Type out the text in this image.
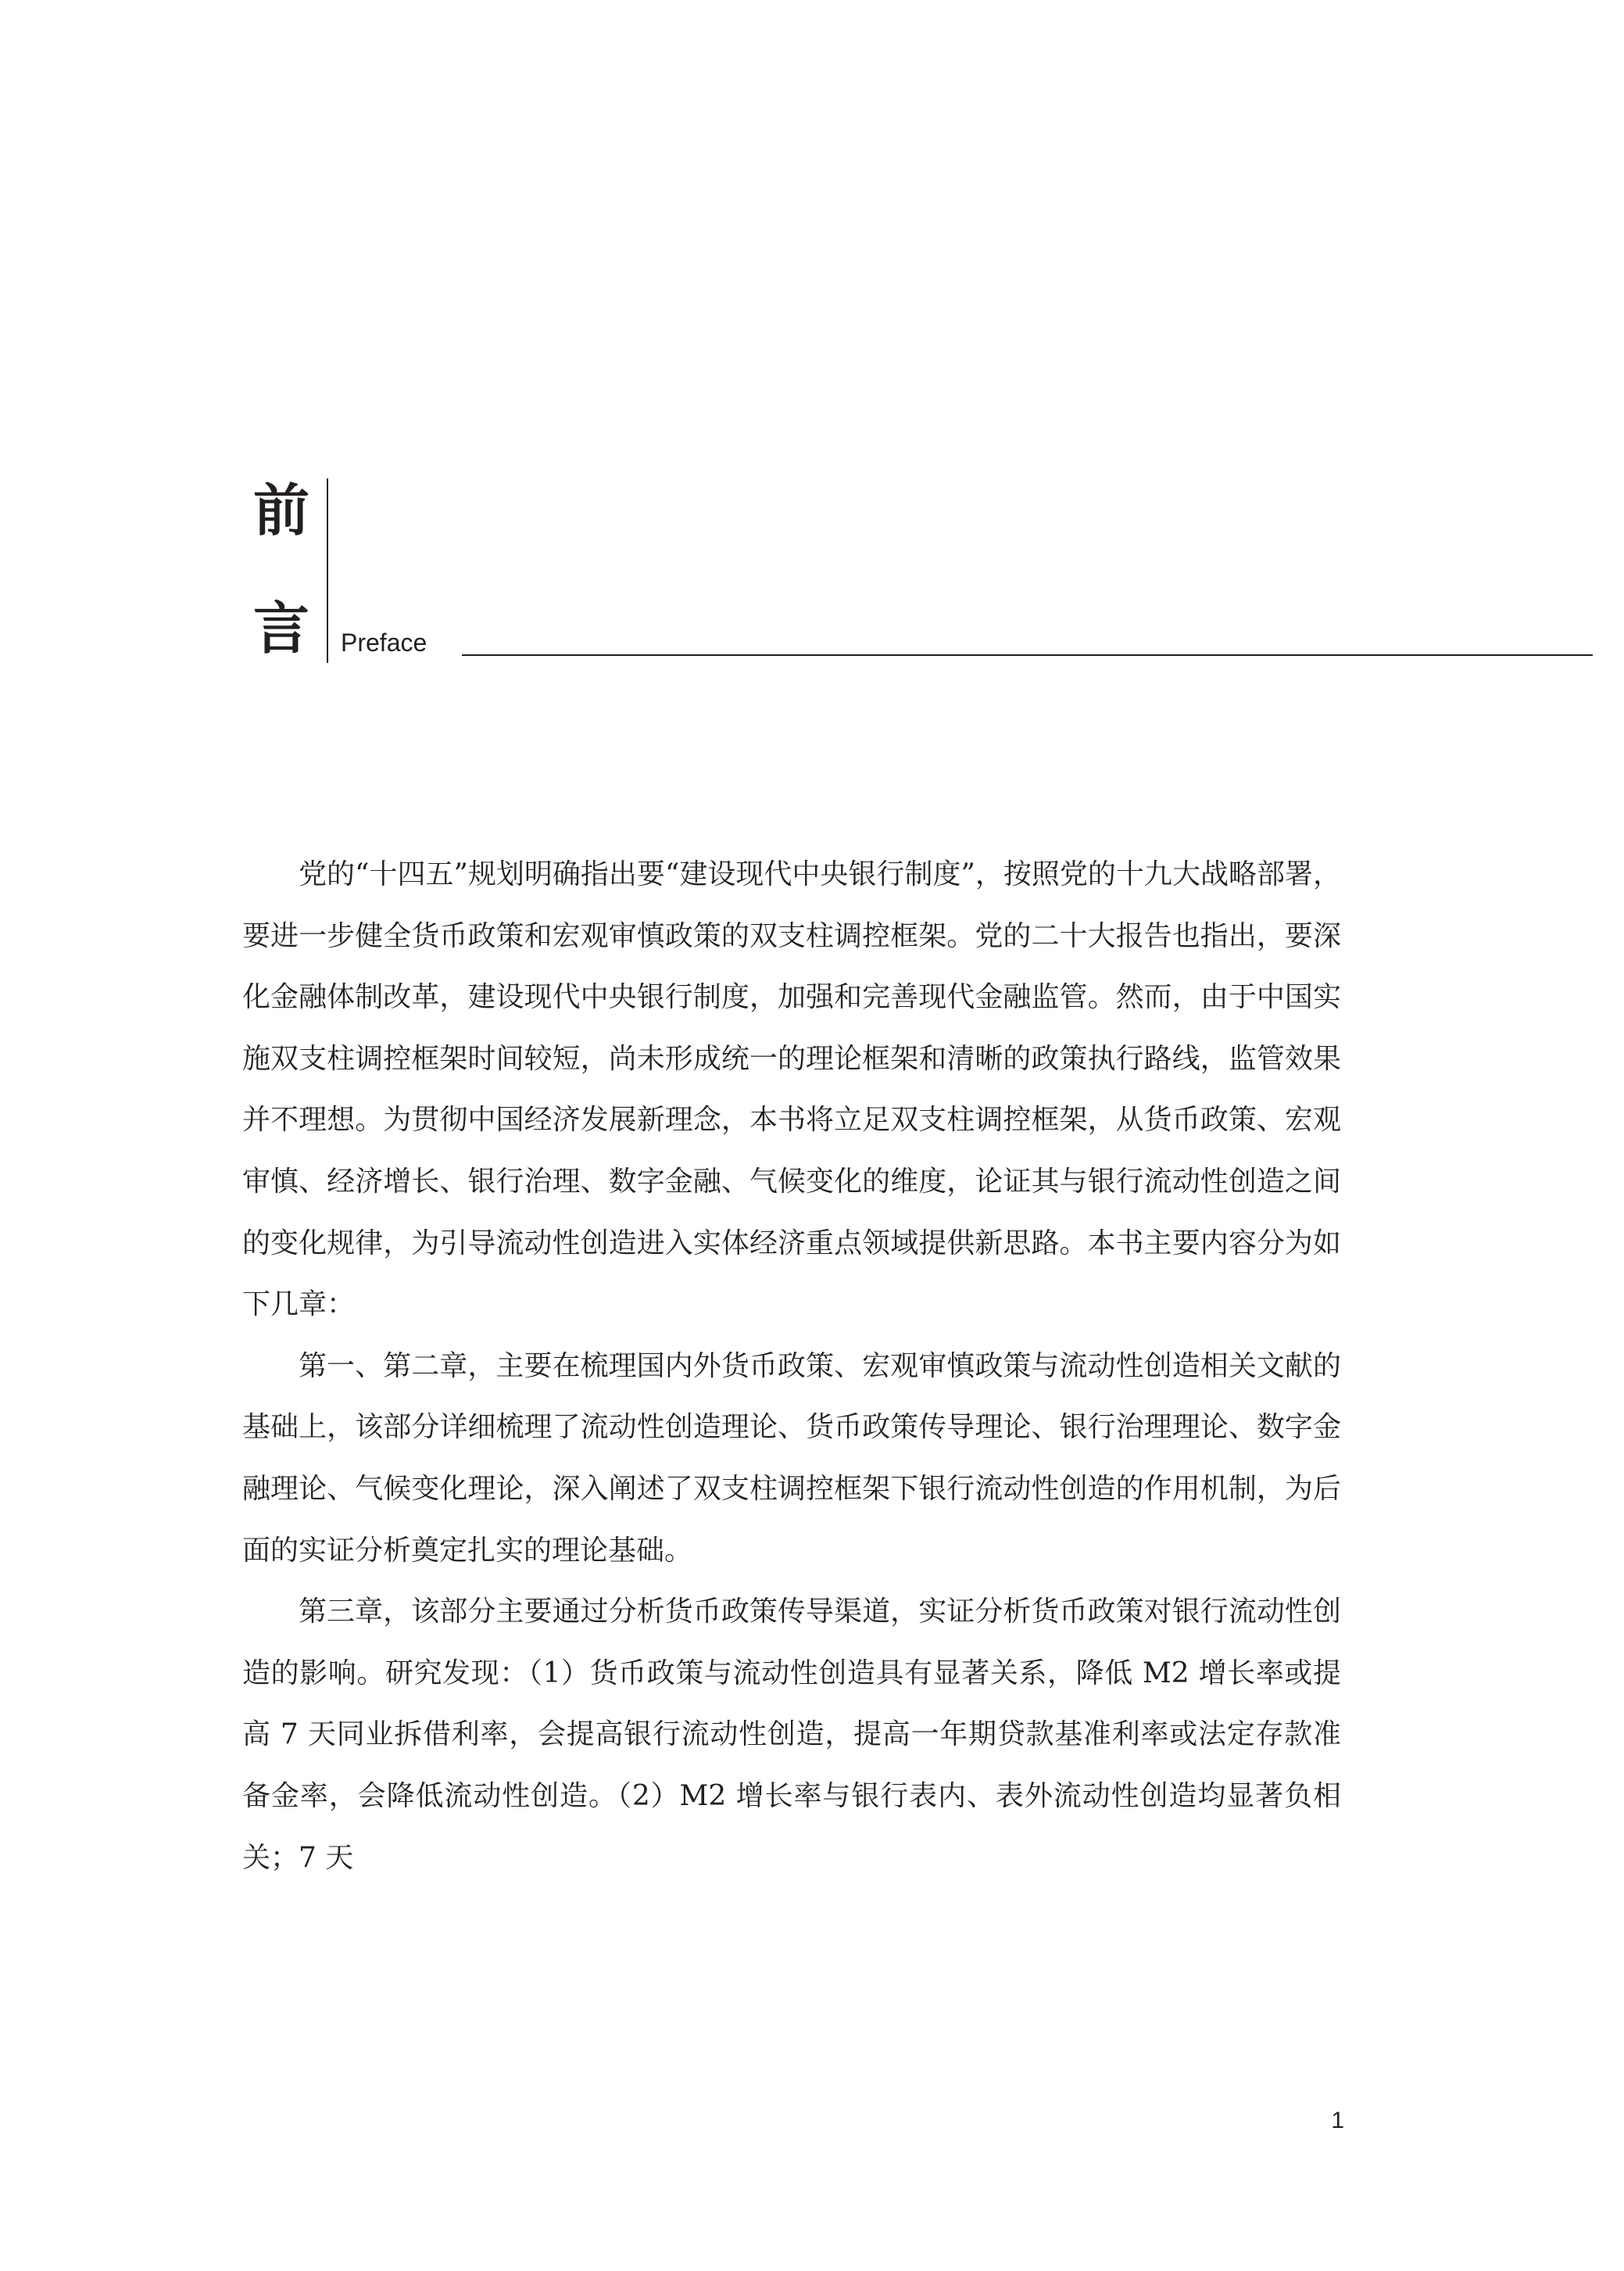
前
言 Preface

党的“十四五”规划明确指出要“建设现代中央银行制度”，按照党的十九大战略部署，要进一步健全货币政策和宏观审慎政策的双支柱调控框架。党的二十大报告也指出，要深化金融体制改革，建设现代中央银行制度，加强和完善现代金融监管。然而，由于中国实施双支柱调控框架时间较短，尚未形成统一的理论框架和清晰的政策执行路线，监管效果并不理想。为贯彻中国经济发展新理念，本书将立足双支柱调控框架，从货币政策、宏观审慎、经济增长、银行治理、数字金融、气候变化的维度，论证其与银行流动性创造之间的变化规律，为引导流动性创造进入实体经济重点领域提供新思路。本书主要内容分为如下几章：

第一、第二章，主要在梳理国内外货币政策、宏观审慎政策与流动性创造相关文献的基础上，该部分详细梳理了流动性创造理论、货币政策传导理论、银行治理理论、数字金融理论、气候变化理论，深入阐述了双支柱调控框架下银行流动性创造的作用机制，为后面的实证分析奠定扎实的理论基础。

第三章，该部分主要通过分析货币政策传导渠道，实证分析货币政策对银行流动性创造的影响。研究发现：（1）货币政策与流动性创造具有显著关系，降低 M2 增长率或提高 7 天同业拆借利率，会提高银行流动性创造，提高一年期贷款基准利率或法定存款准备金率，会降低流动性创造。（2）M2 增长率与银行表内、表外流动性创造均显著负相关；7 天

1
